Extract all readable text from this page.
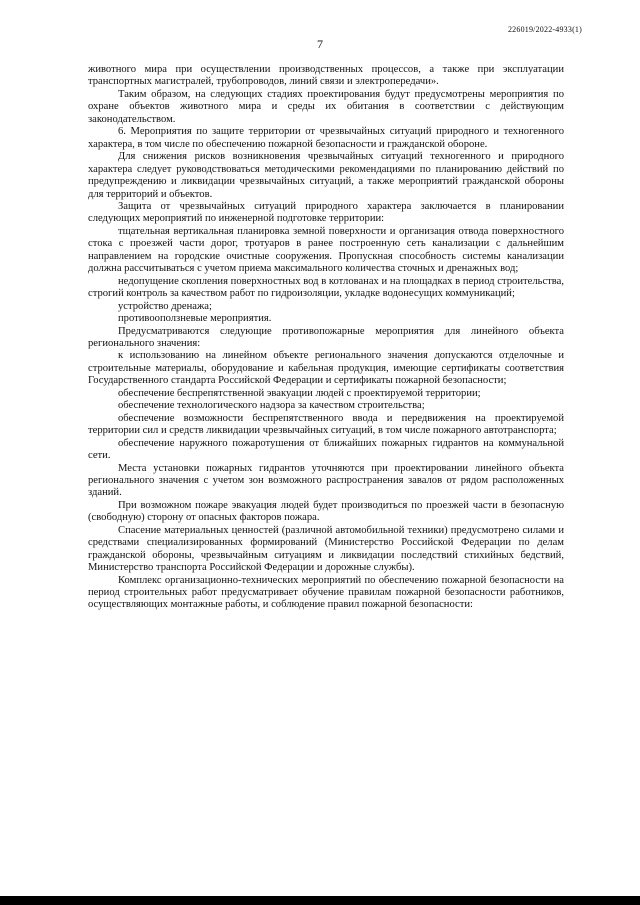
226019/2022-4933(1)
7

животного мира при осуществлении производственных процессов, а также при эксплуатации транспортных магистралей, трубопроводов, линий связи и электропередачи».

Таким образом, на следующих стадиях проектирования будут предусмотрены мероприятия по охране объектов животного мира и среды их обитания в соответствии с действующим законодательством.

6. Мероприятия по защите территории от чрезвычайных ситуаций природного и техногенного характера, в том числе по обеспечению пожарной безопасности и гражданской обороне.

Для снижения рисков возникновения чрезвычайных ситуаций техногенного и природного характера следует руководствоваться методическими рекомендациями по планированию действий по предупреждению и ликвидации чрезвычайных ситуаций, а также мероприятий гражданской обороны для территорий и объектов.

Защита от чрезвычайных ситуаций природного характера заключается в планировании следующих мероприятий по инженерной подготовке территории:

тщательная вертикальная планировка земной поверхности и организация отвода поверхностного стока с проезжей части дорог, тротуаров в ранее построенную сеть канализации с дальнейшим направлением на городские очистные сооружения. Пропускная способность системы канализации должна рассчитываться с учетом приема максимального количества сточных и дренажных вод;

недопущение скопления поверхностных вод в котлованах и на площадках в период строительства, строгий контроль за качеством работ по гидроизоляции, укладке водонесущих коммуникаций;

устройство дренажа;

противооползневые мероприятия.

Предусматриваются следующие противопожарные мероприятия для линейного объекта регионального значения:

к использованию на линейном объекте регионального значения допускаются отделочные и строительные материалы, оборудование и кабельная продукция, имеющие сертификаты соответствия Государственного стандарта Российской Федерации и сертификаты пожарной безопасности;

обеспечение беспрепятственной эвакуации людей с проектируемой территории;

обеспечение технологического надзора за качеством строительства;

обеспечение возможности беспрепятственного ввода и передвижения на проектируемой территории сил и средств ликвидации чрезвычайных ситуаций, в том числе пожарного автотранспорта;

обеспечение наружного пожаротушения от ближайших пожарных гидрантов на коммунальной сети.

Места установки пожарных гидрантов уточняются при проектировании линейного объекта регионального значения с учетом зон возможного распространения завалов от рядом расположенных зданий.

При возможном пожаре эвакуация людей будет производиться по проезжей части в безопасную (свободную) сторону от опасных факторов пожара.

Спасение материальных ценностей (различной автомобильной техники) предусмотрено силами и средствами специализированных формирований (Министерство Российской Федерации по делам гражданской обороны, чрезвычайным ситуациям и ликвидации последствий стихийных бедствий, Министерство транспорта Российской Федерации и дорожные службы).

Комплекс организационно-технических мероприятий по обеспечению пожарной безопасности на период строительных работ предусматривает обучение правилам пожарной безопасности работников, осуществляющих монтажные работы, и соблюдение правил пожарной безопасности:
